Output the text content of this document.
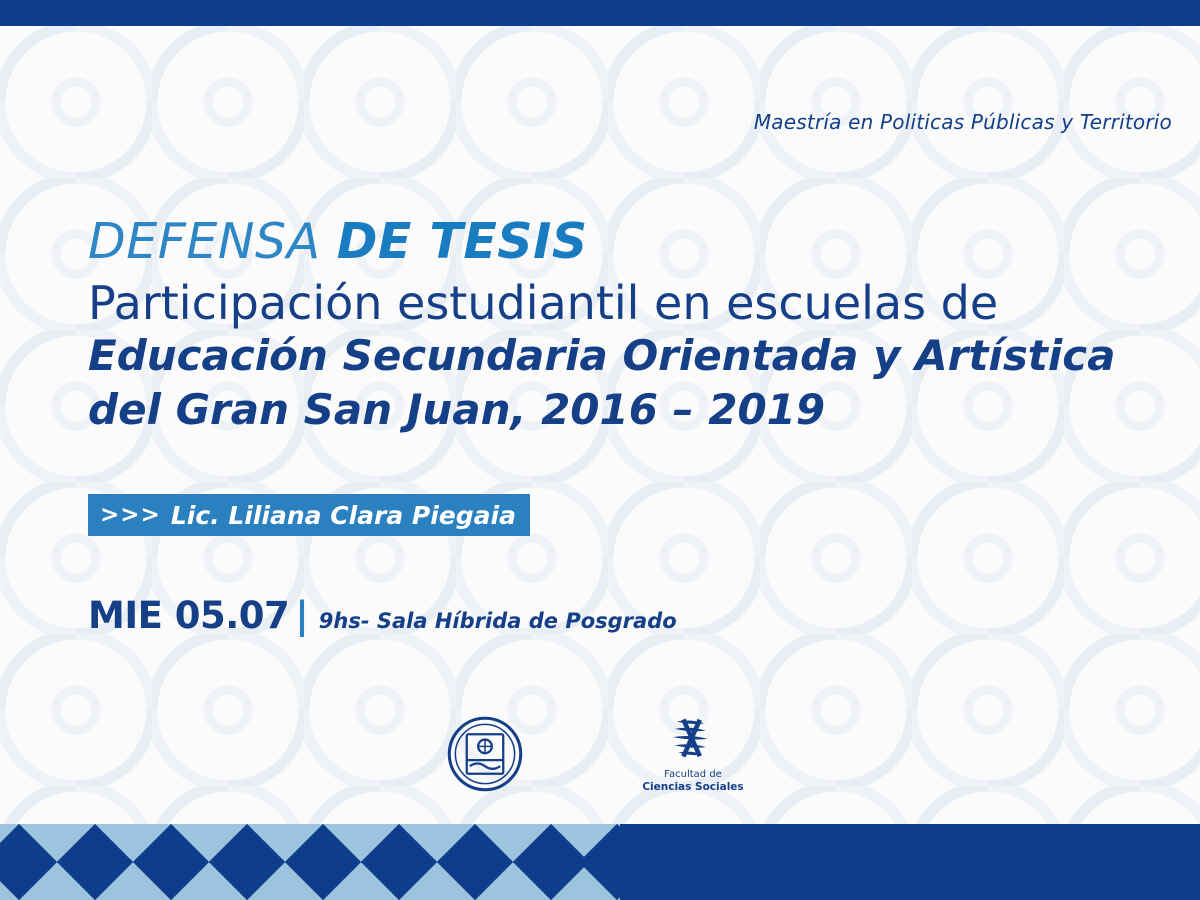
Maestría en Politicas Públicas y Territorio
DEFENSA DE TESIS
Participación estudiantil en escuelas de
Educación Secundaria Orientada y Artística
del Gran San Juan, 2016 – 2019
>>> Lic. Liliana Clara Piegaia
MIE 05.07 | 9hs - Sala Híbrida de Posgrado
Facultad de
Ciencias Sociales
